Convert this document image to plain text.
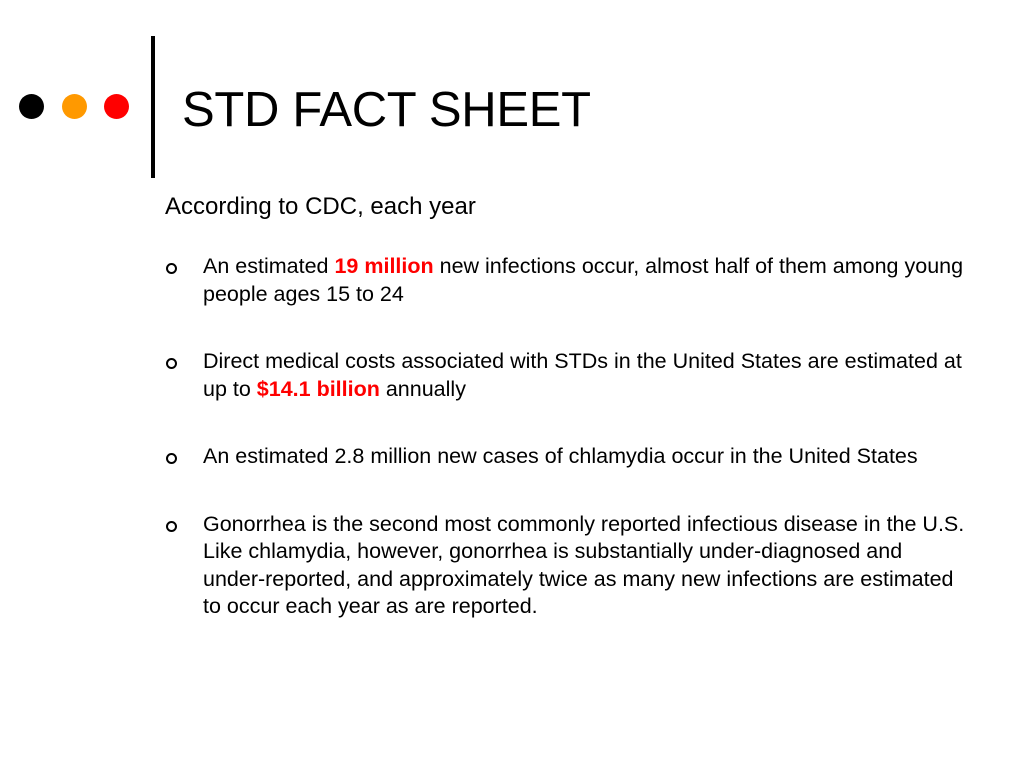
STD FACT SHEET

According to CDC, each year

An estimated 19 million new infections occur, almost half of them among young people ages 15 to 24
Direct medical costs associated with STDs in the United States are estimated at up to $14.1 billion annually
An estimated 2.8 million new cases of chlamydia occur in the United States
Gonorrhea is the second most commonly reported infectious disease in the U.S. Like chlamydia, however, gonorrhea is substantially under-diagnosed and under-reported, and approximately twice as many new infections are estimated to occur each year as are reported.
